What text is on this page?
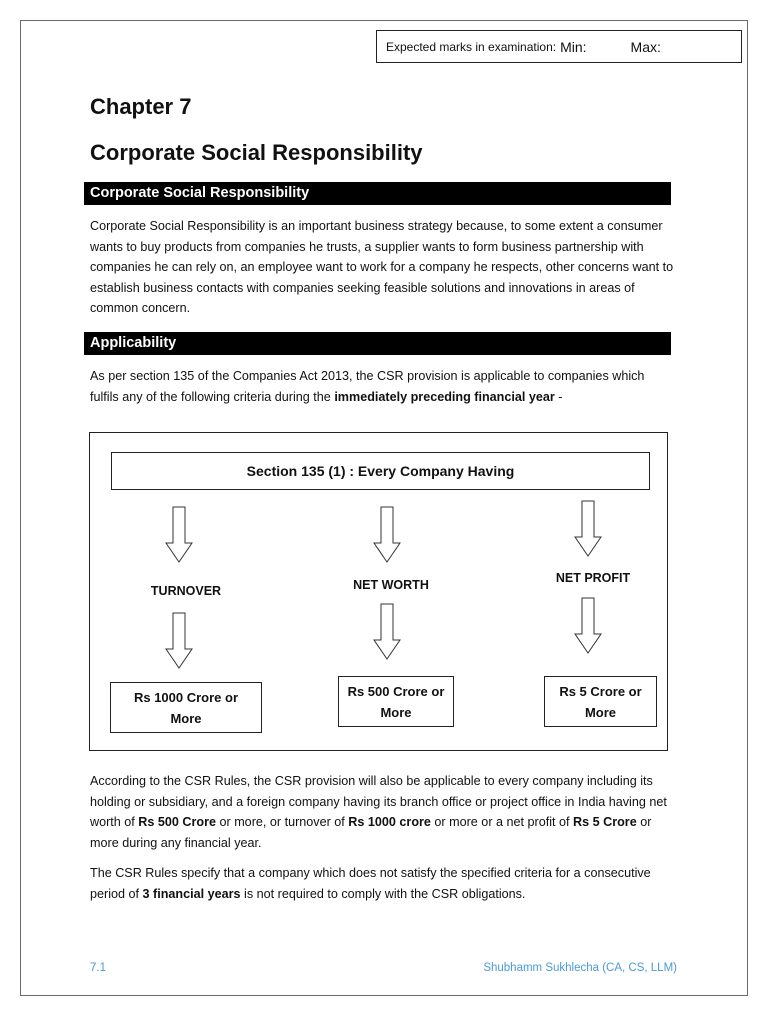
Expected marks in examination: Min:	Max:
Chapter 7
Corporate Social Responsibility
Corporate Social Responsibility

Corporate Social Responsibility is an important business strategy because, to some extent a consumer wants to buy products from companies he trusts, a supplier wants to form business partnership with companies he can rely on, an employee want to work for a company he respects, other concerns want to establish business contacts with companies seeking feasible solutions and innovations in areas of common concern.

Applicability

As per section 135 of the Companies Act 2013, the CSR provision is applicable to companies which fulfils any of the following criteria during the immediately preceding financial year -

Section 135 (1) : Every Company Having
TURNOVER	NET WORTH	NET PROFIT
Rs 1000 Crore or
More
Rs 500 Crore or
More
Rs 5 Crore or
More

According to the CSR Rules, the CSR provision will also be applicable to every company including its holding or subsidiary, and a foreign company having its branch office or project office in India having net worth of Rs 500 Crore or more, or turnover of Rs 1000 crore or more or a net profit of Rs 5 Crore or more during any financial year.

The CSR Rules specify that a company which does not satisfy the specified criteria for a consecutive period of 3 financial years is not required to comply with the CSR obligations.

7.1	Shubhamm Sukhlecha (CA, CS, LLM)
